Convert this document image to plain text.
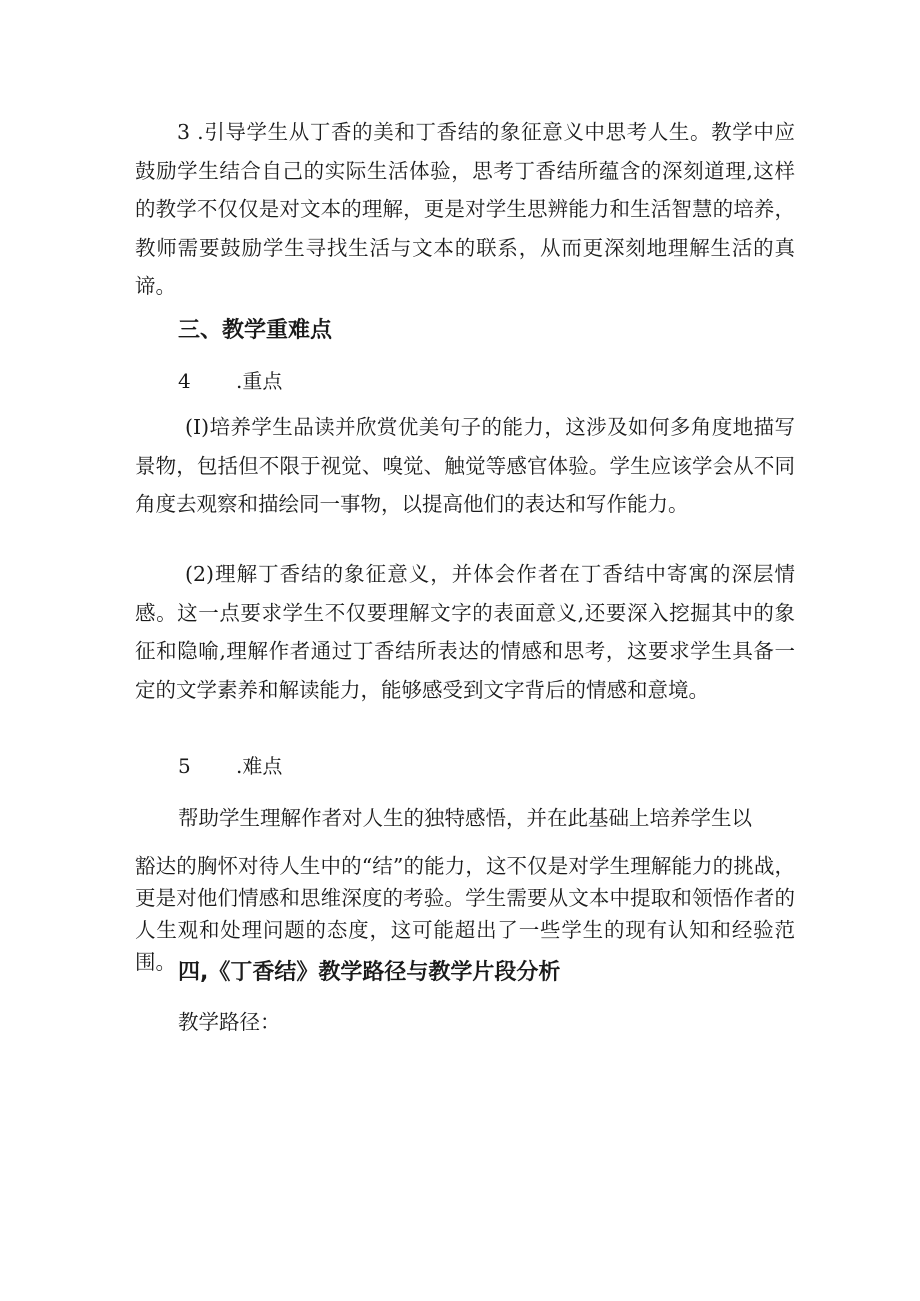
3 .引导学生从丁香的美和丁香结的象征意义中思考人生。教学中应鼓励学生结合自己的实际生活体验，思考丁香结所蕴含的深刻道理,这样的教学不仅仅是对文本的理解，更是对学生思辨能力和生活智慧的培养，教师需要鼓励学生寻找生活与文本的联系，从而更深刻地理解生活的真谛。

三、教学重难点
4 .重点

(I)培养学生品读并欣赏优美句子的能力，这涉及如何多角度地描写景物，包括但不限于视觉、嗅觉、触觉等感官体验。学生应该学会从不同角度去观察和描绘同一事物，以提高他们的表达和写作能力。

(2)理解丁香结的象征意义，并体会作者在丁香结中寄寓的深层情感。这一点要求学生不仅要理解文字的表面意义,还要深入挖掘其中的象征和隐喻,理解作者通过丁香结所表达的情感和思考，这要求学生具备一定的文学素养和解读能力，能够感受到文字背后的情感和意境。

5 .难点

帮助学生理解作者对人生的独特感悟，并在此基础上培养学生以

豁达的胸怀对待人生中的“结”的能力，这不仅是对学生理解能力的挑战，更是对他们情感和思维深度的考验。学生需要从文本中提取和领悟作者的人生观和处理问题的态度，这可能超出了一些学生的现有认知和经验范围。 四,《丁香结》教学路径与教学片段分析

教学路径：
